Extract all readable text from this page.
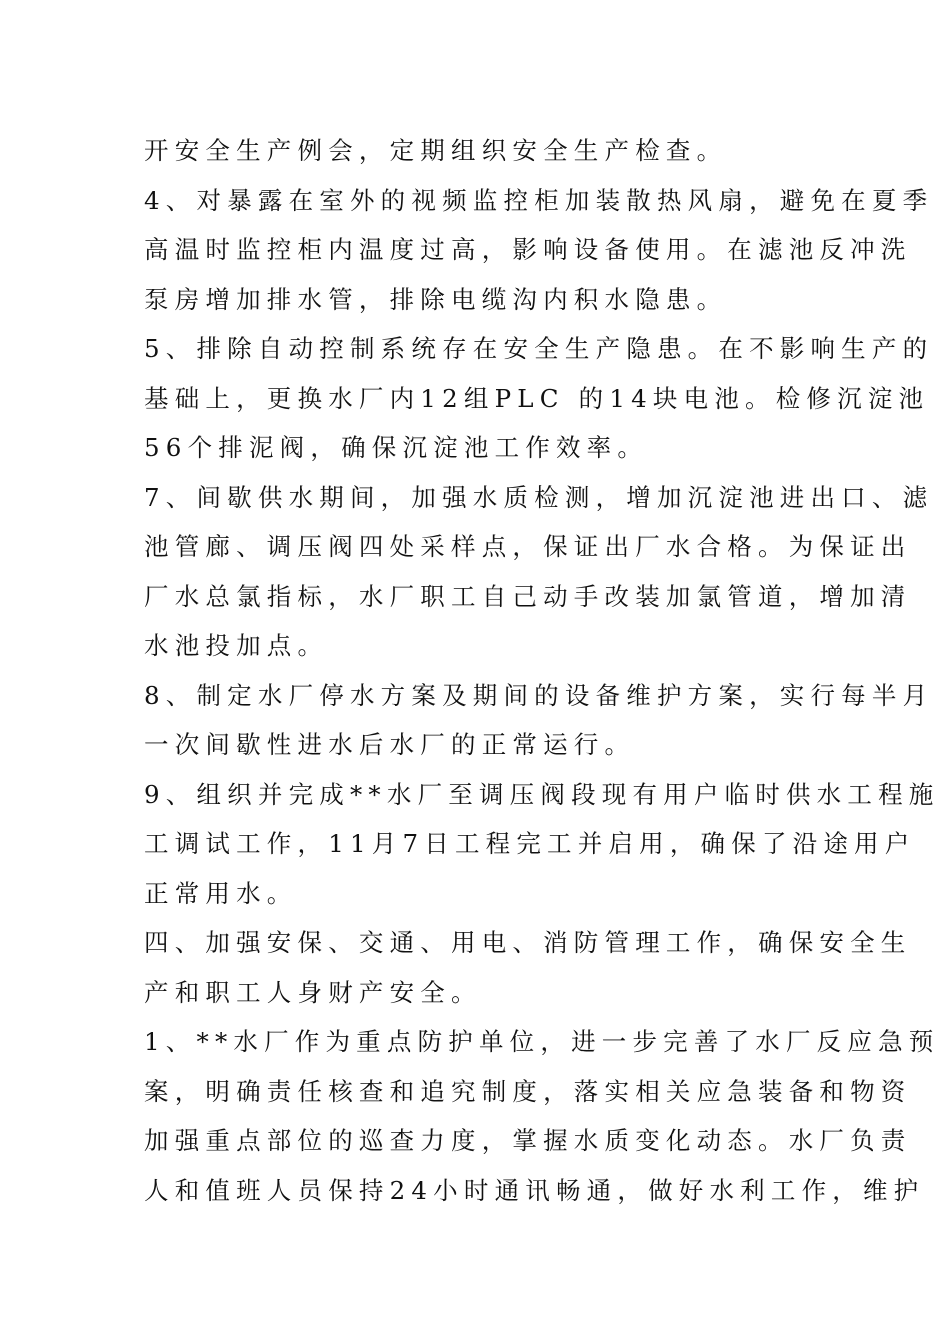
开安全生产例会，定期组织安全生产检查。
4、对暴露在室外的视频监控柜加装散热风扇，避免在夏季
高温时监控柜内温度过高，影响设备使用。在滤池反冲洗
泵房增加排水管，排除电缆沟内积水隐患。
5、排除自动控制系统存在安全生产隐患。在不影响生产的
基础上，更换水厂内12组PLC 的14块电池。检修沉淀池
56个排泥阀，确保沉淀池工作效率。
7、间歇供水期间，加强水质检测，增加沉淀池进出口、滤
池管廊、调压阀四处采样点，保证出厂水合格。为保证出
厂水总氯指标，水厂职工自己动手改装加氯管道，增加清
水池投加点。
8、制定水厂停水方案及期间的设备维护方案，实行每半月
一次间歇性进水后水厂的正常运行。
9、组织并完成**水厂至调压阀段现有用户临时供水工程施
工调试工作，11月7日工程完工并启用，确保了沿途用户
正常用水。
四、加强安保、交通、用电、消防管理工作，确保安全生
产和职工人身财产安全。
1、**水厂作为重点防护单位，进一步完善了水厂反应急预
案，明确责任核查和追究制度，落实相关应急装备和物资
加强重点部位的巡查力度，掌握水质变化动态。水厂负责
人和值班人员保持24小时通讯畅通，做好水利工作，维护
